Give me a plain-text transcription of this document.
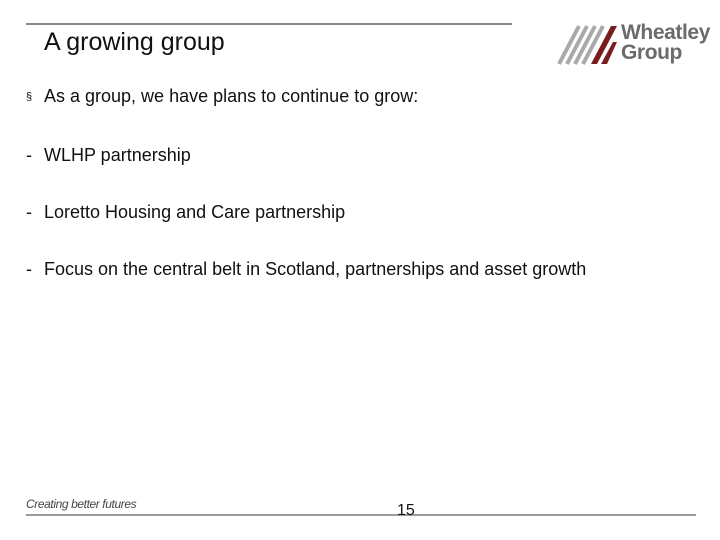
A growing group	Wheatley
Group
§ As a group, we have plans to continue to grow:
- WLHP partnership
- Loretto Housing and Care partnership
- Focus on the central belt in Scotland, partnerships and asset growth
Creating better futures	15
